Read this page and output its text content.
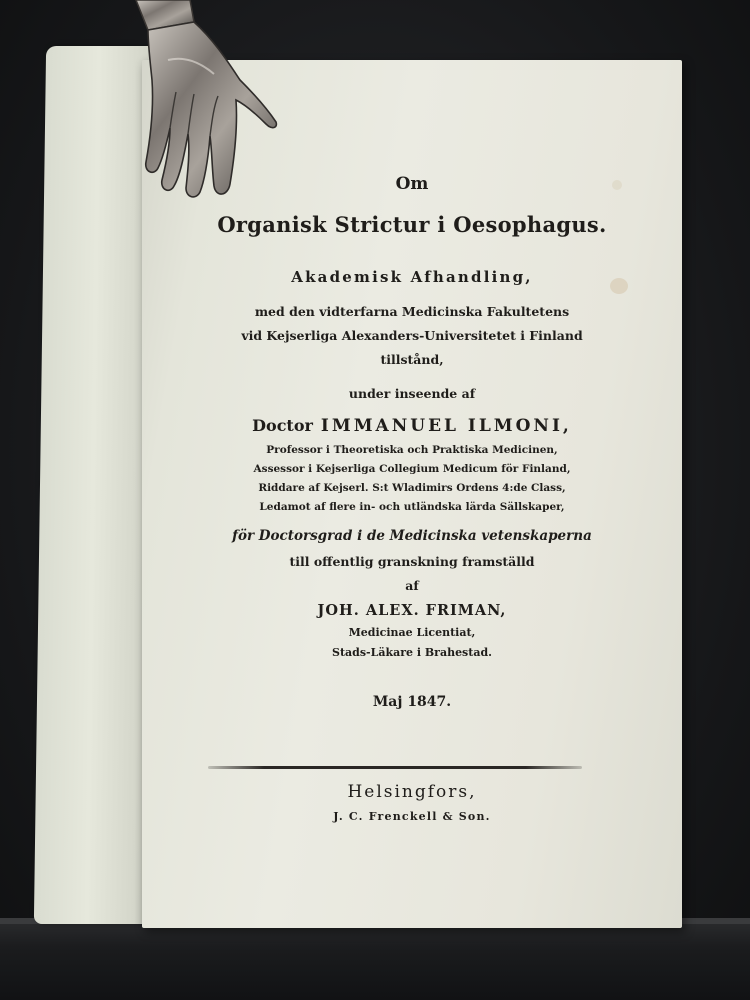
Om
Organisk Strictur i Oesophagus.
Akademisk Afhandling,
med den vidterfarna Medicinska Fakultetens
vid Kejserliga Alexanders-Universitetet i Finland
tillstånd,
under inseende af
Doctor IMMANUEL ILMONI,
Professor i Theoretiska och Praktiska Medicinen,
Assessor i Kejserliga Collegium Medicum för Finland,
Riddare af Kejserl. S:t Wladimirs Ordens 4:de Class,
Ledamot af flere in- och utländska lärda Sällskaper,
för Doctorsgrad i de Medicinska vetenskaperna
till offentlig granskning framställd
af
JOH. ALEX. FRIMAN,
Medicinae Licentiat,
Stads-Läkare i Brahestad.
Maj 1847.
Helsingfors,
J. C. Frenckell & Son.
